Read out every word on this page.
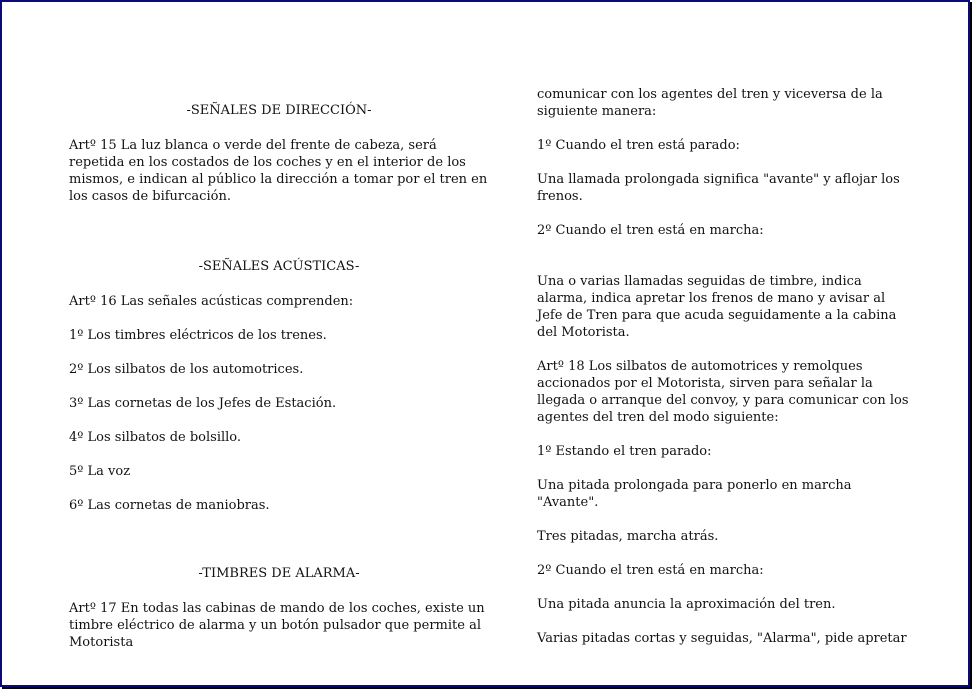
-SEÑALES DE DIRECCIÓN-

Artº 15 La luz blanca o verde del frente de cabeza, será repetida en los costados de los coches y en el interior de los mismos, e indican al público la dirección a tomar por el tren en los casos de bifurcación.

-SEÑALES ACÚSTICAS-

Artº 16 Las señales acústicas comprenden:

1º Los timbres eléctricos de los trenes.

2º Los silbatos de los automotrices.

3º Las cornetas de los Jefes de Estación.

4º Los silbatos de bolsillo.

5º La voz

6º Las cornetas de maniobras.

-TIMBRES DE ALARMA-

Artº 17 En todas las cabinas de mando de los coches, existe un timbre eléctrico de alarma y un botón pulsador que permite al Motorista

comunicar con los agentes del tren y viceversa de la siguiente manera:

1º Cuando el tren está parado:

Una llamada prolongada significa "avante" y aflojar los frenos.

2º Cuando el tren está en marcha:

Una o varias llamadas seguidas de timbre, indica alarma, indica apretar los frenos de mano y avisar al Jefe de Tren para que acuda seguidamente a la cabina del Motorista.

Artº 18 Los silbatos de automotrices y remolques accionados por el Motorista, sirven para señalar la llegada o arranque del convoy, y para comunicar con los agentes del tren del modo siguiente:

1º Estando el tren parado:

Una pitada prolongada para ponerlo en marcha "Avante".

Tres pitadas, marcha atrás.

2º Cuando el tren está en marcha:

Una pitada anuncia la aproximación del tren.

Varias pitadas cortas y seguidas, "Alarma", pide apretar
